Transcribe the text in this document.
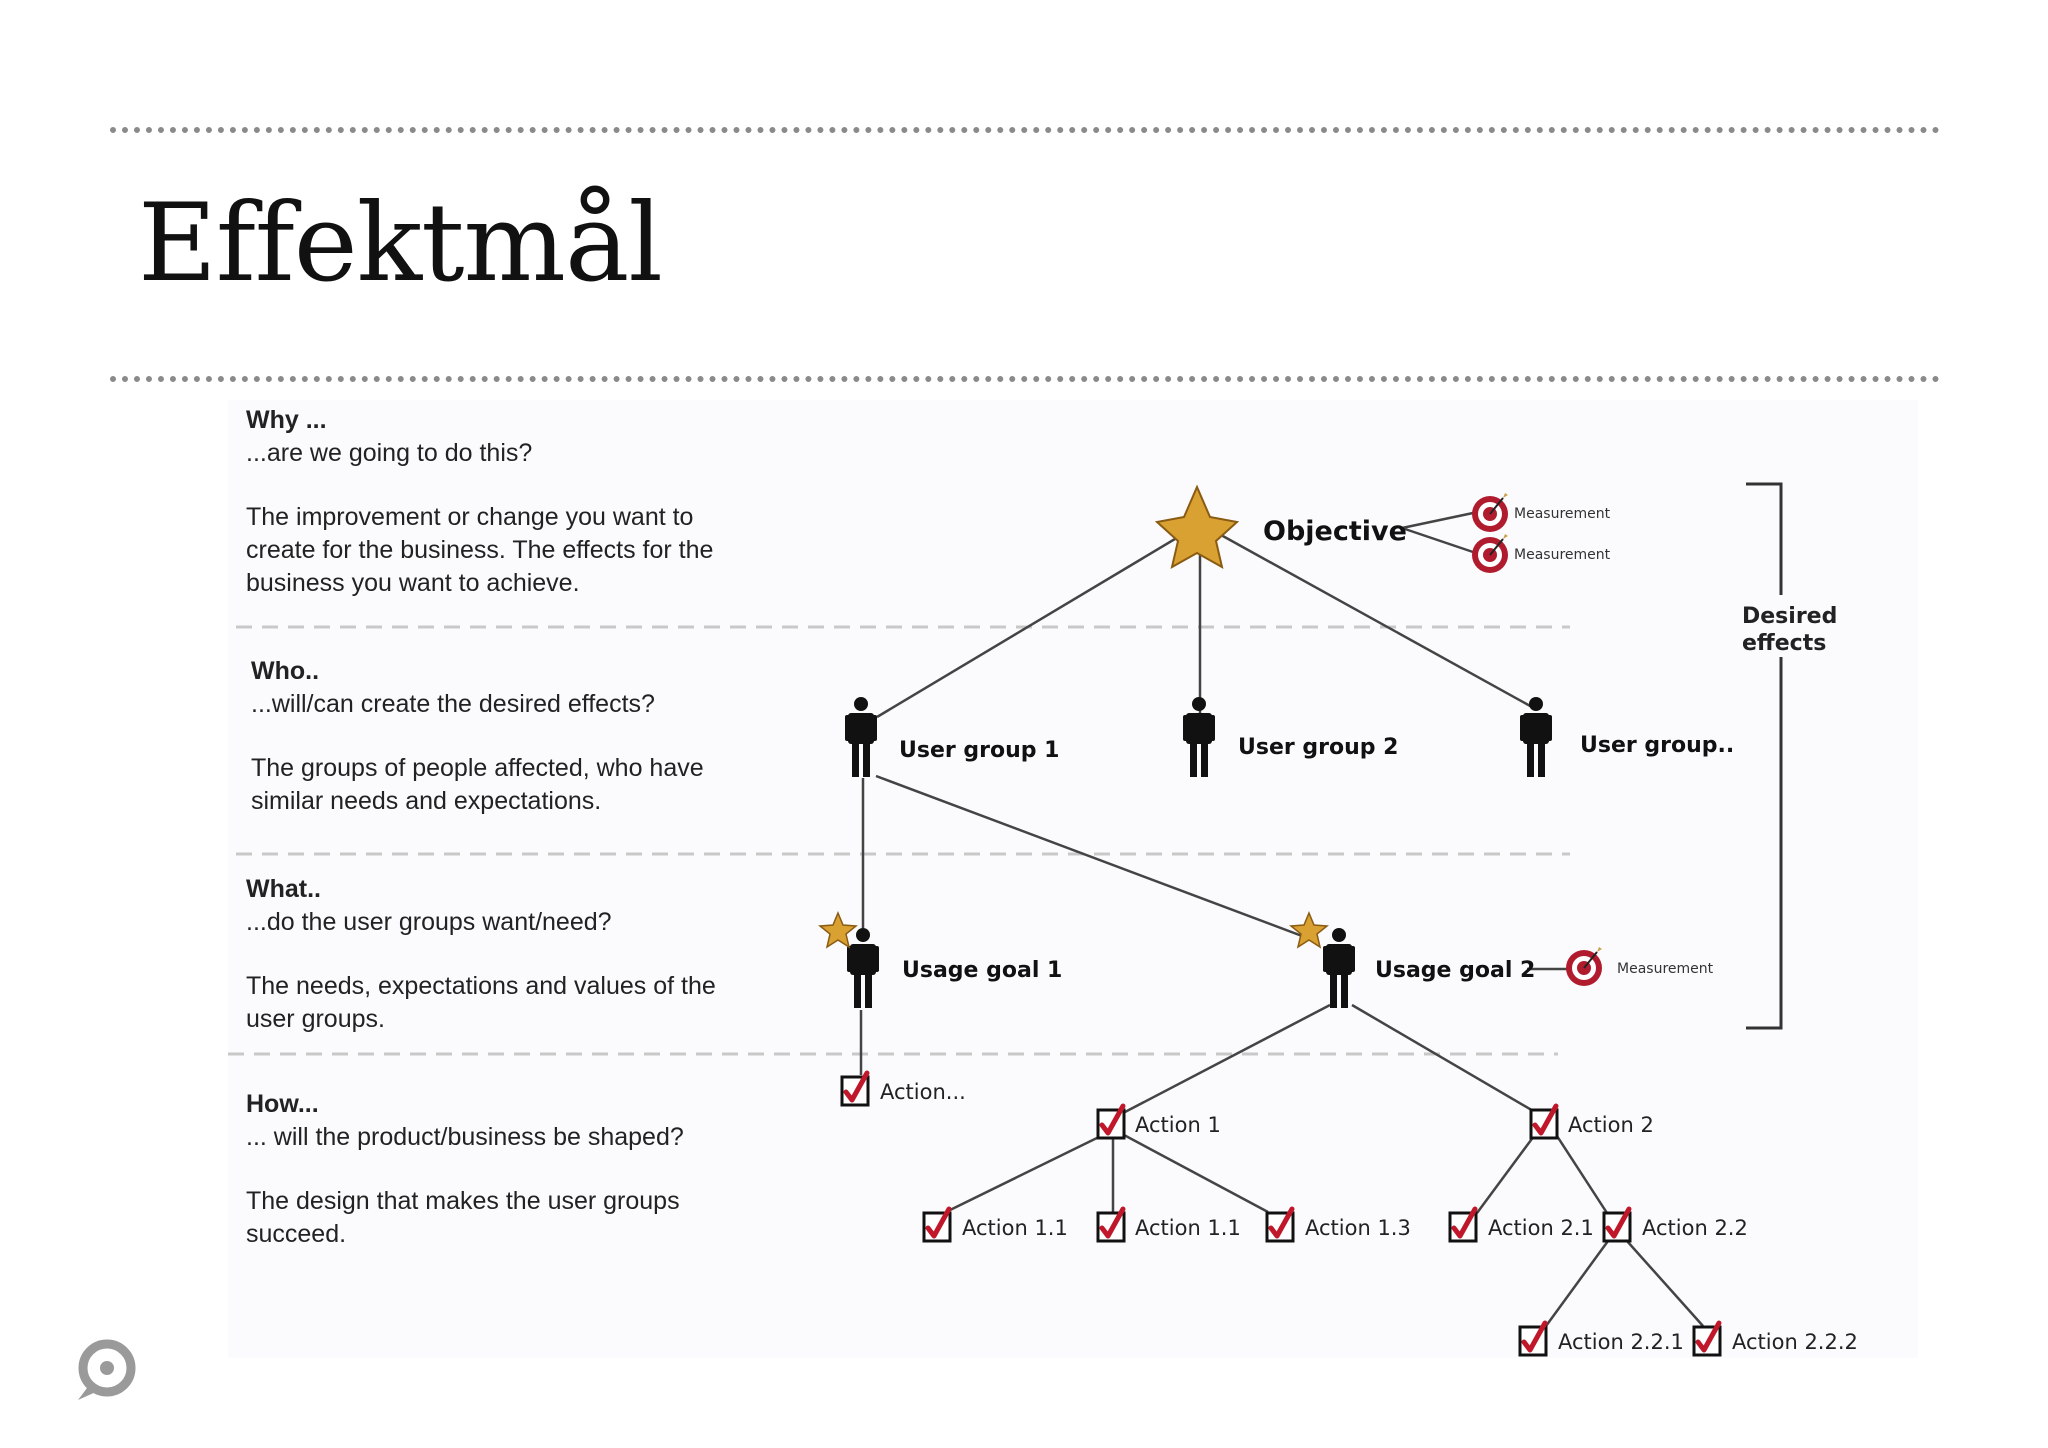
Effektmål
Why ...
...are we going to do this?
The improvement or change you want to create for the business. The effects for the business you want to achieve.
Who..
...will/can create the desired effects?
The groups of people affected, who have similar needs and expectations.
What..
...do the user groups want/need?
The needs, expectations and values of the user groups.
How...
... will the product/business be shaped?
The design that makes the user groups succeed.
Desired effects
Objective
Measurement
Measurement
User group 1	User group 2	User group..
Usage goal 1	Usage goal 2	Measurement
Action...
Action 1	Action 2
Action 1.1	Action 1.1	Action 1.3	Action 2.1 Action 2.2
Action 2.2.1 Action 2.2.2
